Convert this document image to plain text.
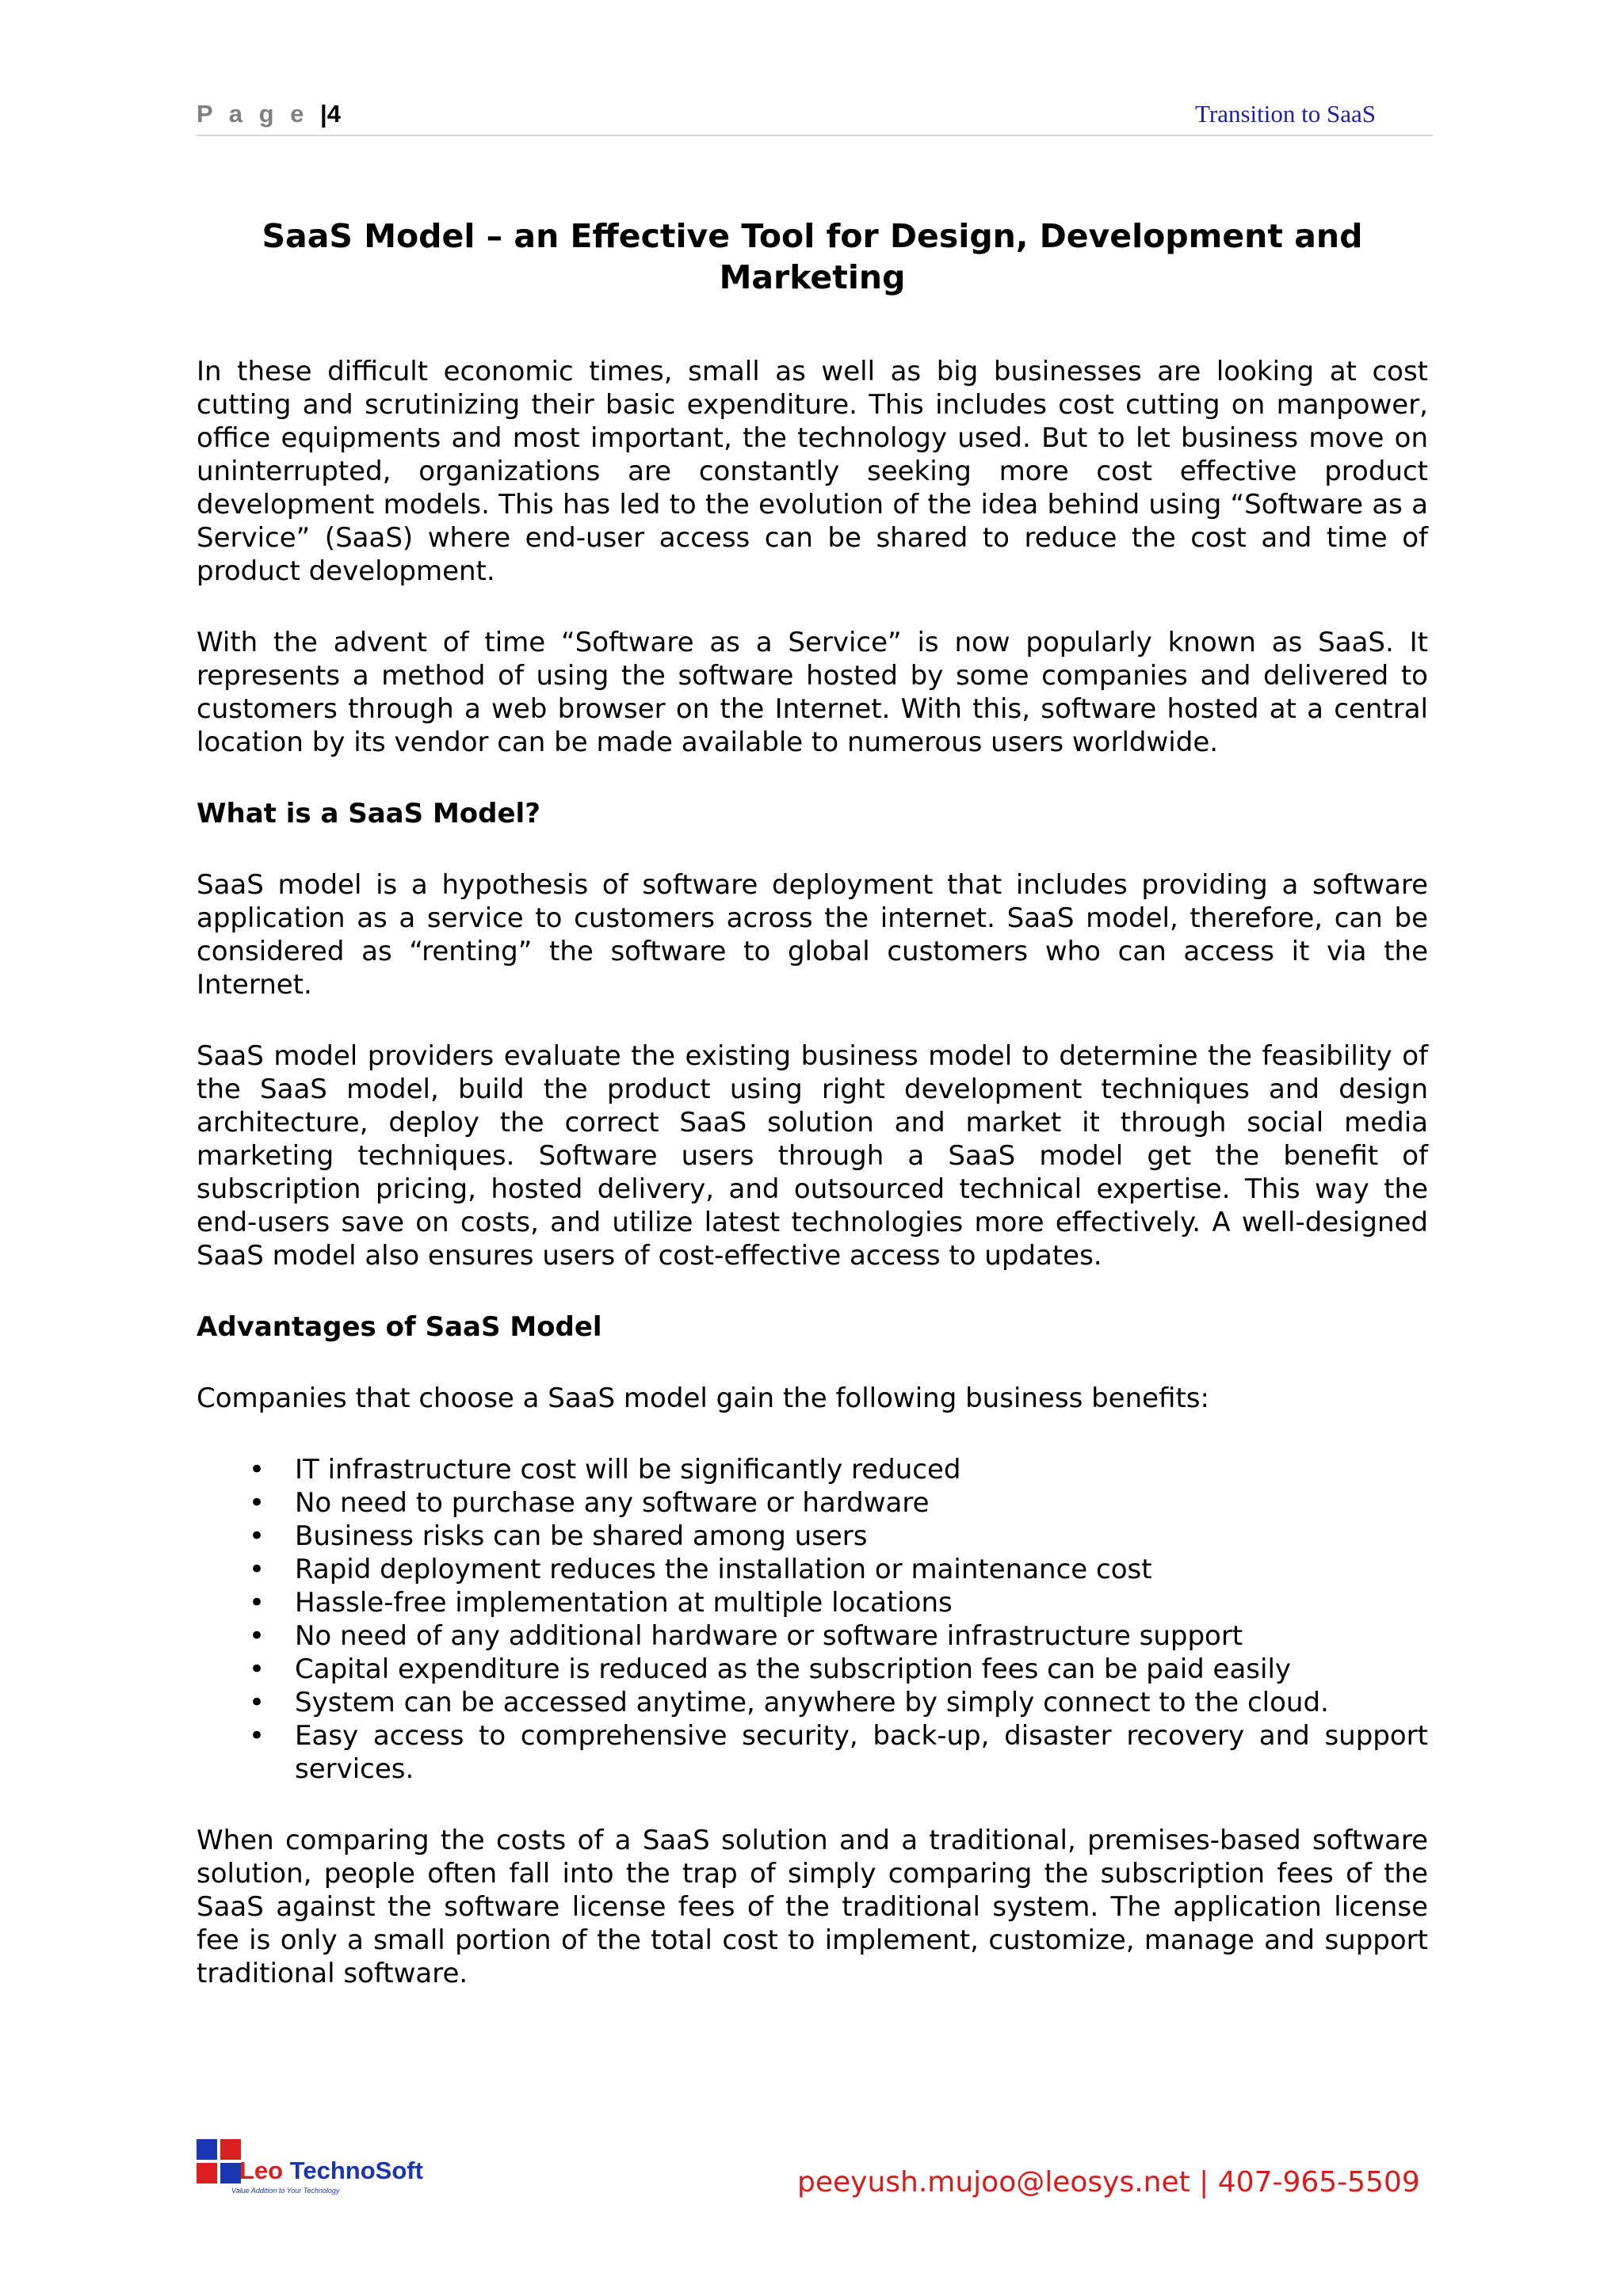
P a g e |4	Transition to SaaS
SaaS Model – an Effective Tool for Design, Development and Marketing

In these difficult economic times, small as well as big businesses are looking at cost cutting and scrutinizing their basic expenditure. This includes cost cutting on manpower, office equipments and most important, the technology used. But to let business move on uninterrupted, organizations are constantly seeking more cost effective product development models. This has led to the evolution of the idea behind using “Software as a Service” (SaaS) where end-user access can be shared to reduce the cost and time of product development.

With the advent of time “Software as a Service” is now popularly known as SaaS. It represents a method of using the software hosted by some companies and delivered to customers through a web browser on the Internet. With this, software hosted at a central location by its vendor can be made available to numerous users worldwide.

What is a SaaS Model?

SaaS model is a hypothesis of software deployment that includes providing a software application as a service to customers across the internet. SaaS model, therefore, can be considered as “renting” the software to global customers who can access it via the Internet.

SaaS model providers evaluate the existing business model to determine the feasibility of the SaaS model, build the product using right development techniques and design architecture, deploy the correct SaaS solution and market it through social media marketing techniques. Software users through a SaaS model get the benefit of subscription pricing, hosted delivery, and outsourced technical expertise. This way the end-users save on costs, and utilize latest technologies more effectively. A well-designed SaaS model also ensures users of cost-effective access to updates.

Advantages of SaaS Model

Companies that choose a SaaS model gain the following business benefits:

• IT infrastructure cost will be significantly reduced
• No need to purchase any software or hardware
• Business risks can be shared among users
• Rapid deployment reduces the installation or maintenance cost
• Hassle-free implementation at multiple locations
• No need of any additional hardware or software infrastructure support
• Capital expenditure is reduced as the subscription fees can be paid easily
• System can be accessed anytime, anywhere by simply connect to the cloud.
• Easy access to comprehensive security, back-up, disaster recovery and support services.

When comparing the costs of a SaaS solution and a traditional, premises-based software solution, people often fall into the trap of simply comparing the subscription fees of the SaaS against the software license fees of the traditional system. The application license fee is only a small portion of the total cost to implement, customize, manage and support traditional software.

Leo TechnoSoft
Value Addition to Your Technology	peeyush.mujoo@leosys.net | 407-965-5509
